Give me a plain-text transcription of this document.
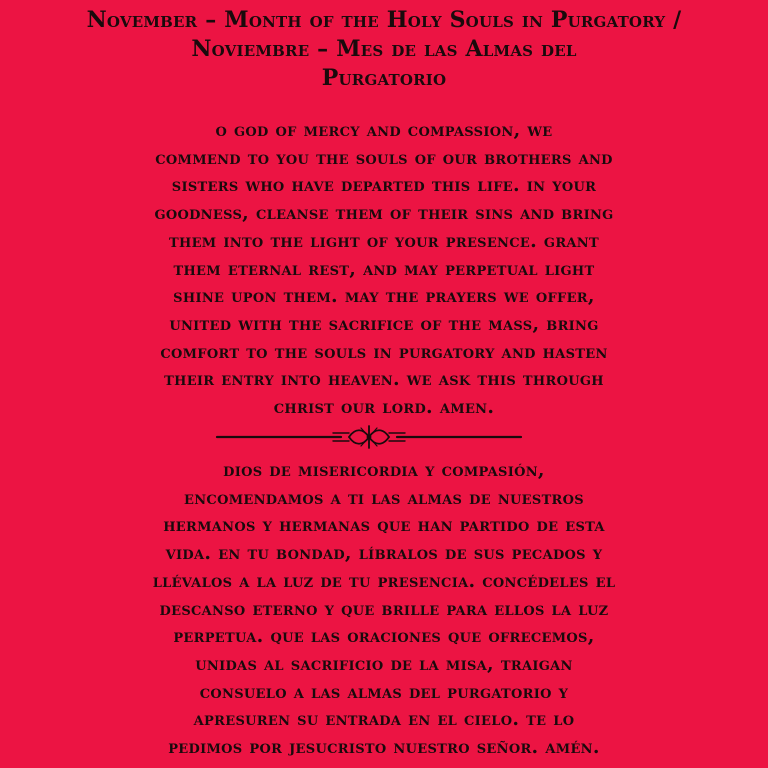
November – Month of the Holy Souls in Purgatory /
Noviembre – Mes de las Almas del
Purgatorio
o god of mercy and compassion, we
commend to you the souls of our brothers and
sisters who have departed this life. in your
goodness, cleanse them of their sins and bring
them into the light of your presence. grant
them eternal rest, and may perpetual light
shine upon them. may the prayers we offer,
united with the sacrifice of the mass, bring
comfort to the souls in purgatory and hasten
their entry into heaven. we ask this through
christ our lord. amen.
dios de misericordia y compasión,
encomendamos a ti las almas de nuestros
hermanos y hermanas que han partido de esta
vida. en tu bondad, líbralos de sus pecados y
llévalos a la luz de tu presencia. concédeles el
descanso eterno y que brille para ellos la luz
perpetua. que las oraciones que ofrecemos,
unidas al sacrificio de la misa, traigan
consuelo a las almas del purgatorio y
apresuren su entrada en el cielo. te lo
pedimos por jesucristo nuestro señor. amén.
